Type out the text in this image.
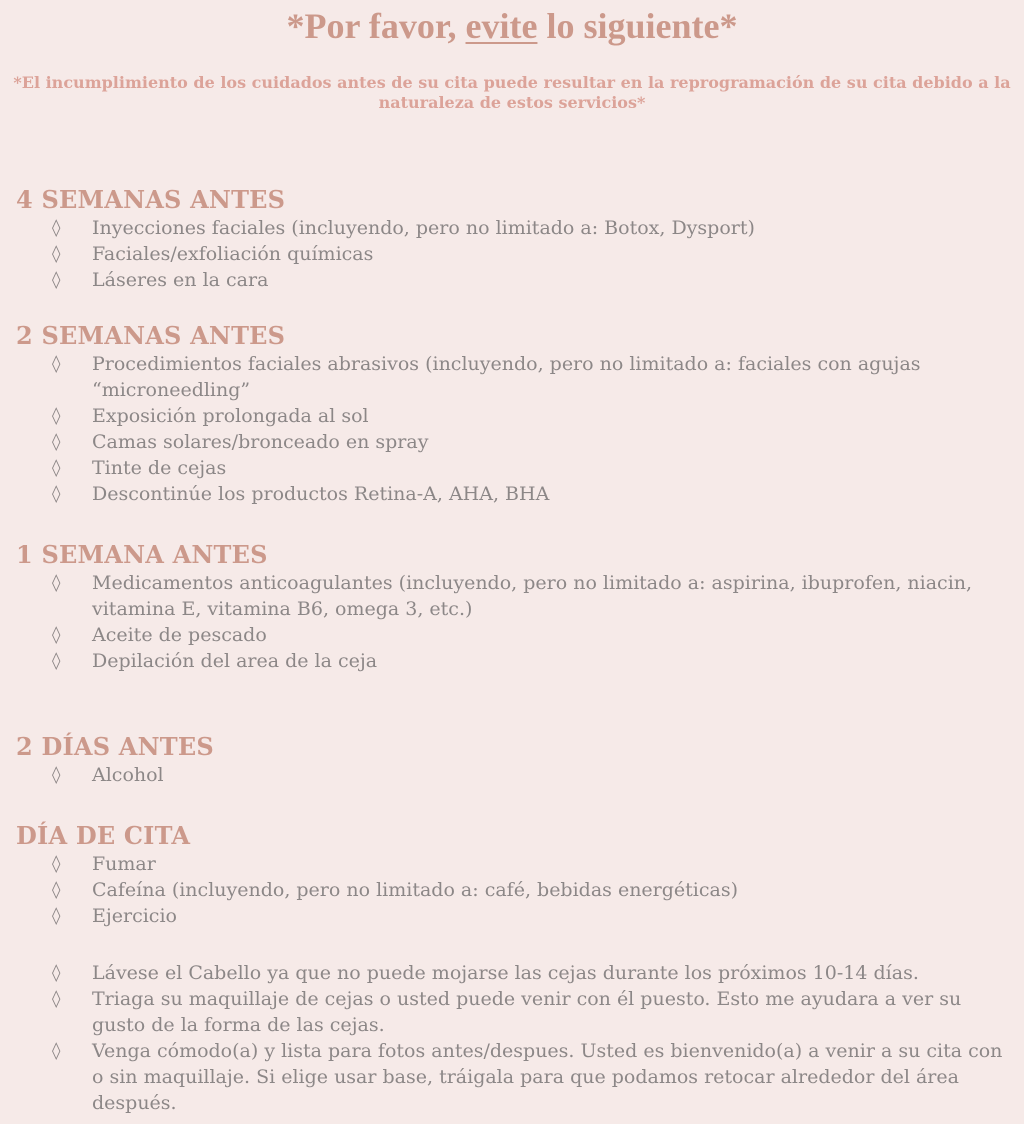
*Por favor, evite lo siguiente*

*El incumplimiento de los cuidados antes de su cita puede resultar en la reprogramación de su cita debido a la naturaleza de estos servicios*

4 SEMANAS ANTES
◊ Inyecciones faciales (incluyendo, pero no limitado a: Botox, Dysport)
◊ Faciales/exfoliación químicas
◊ Láseres en la cara
2 SEMANAS ANTES
◊ Procedimientos faciales abrasivos (incluyendo, pero no limitado a: faciales con agujas “microneedling”
◊ Exposición prolongada al sol
◊ Camas solares/bronceado en spray
◊ Tinte de cejas
◊ Descontinúe los productos Retina-A, AHA, BHA
1 SEMANA ANTES
◊ Medicamentos anticoagulantes (incluyendo, pero no limitado a: aspirina, ibuprofen, niacin, vitamina E, vitamina B6, omega 3, etc.)
◊ Aceite de pescado
◊ Depilación del area de la ceja
2 DÍAS ANTES
◊ Alcohol
DÍA DE CITA
◊ Fumar
◊ Cafeína (incluyendo, pero no limitado a: café, bebidas energéticas)
◊ Ejercicio
◊ Lávese el Cabello ya que no puede mojarse las cejas durante los próximos 10-14 días.
◊ Triaga su maquillaje de cejas o usted puede venir con él puesto. Esto me ayudara a ver su gusto de la forma de las cejas.
◊ Venga cómodo(a) y lista para fotos antes/despues. Usted es bienvenido(a) a venir a su cita con o sin maquillaje. Si elige usar base, tráigala para que podamos retocar alrededor del área después.
